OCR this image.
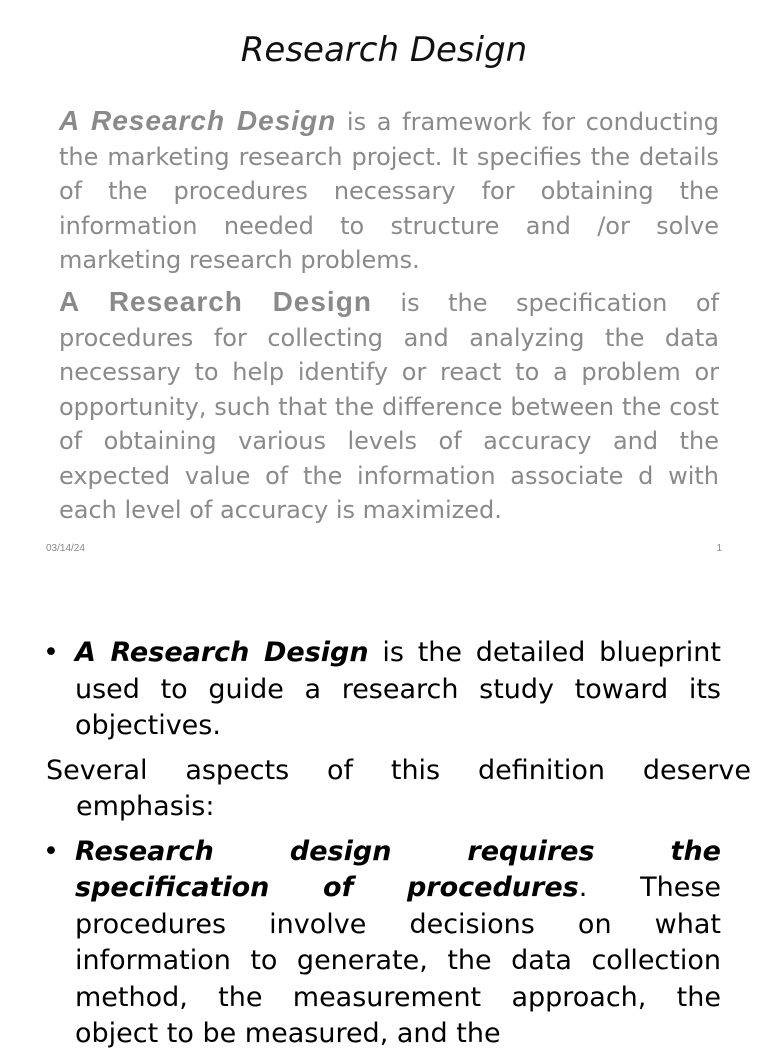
Research Design
A Research Design is a framework for conducting the marketing research project. It specifies the details of the procedures necessary for obtaining the information needed to structure and /or solve marketing research problems.
A Research Design is the specification of procedures for collecting and analyzing the data necessary to help identify or react to a problem or opportunity, such that the difference between the cost of obtaining various levels of accuracy and the expected value of the information associate d with each level of accuracy is maximized.
03/14/24	1
• A Research Design is the detailed blueprint used to guide a research study toward its objectives.
Several aspects of this definition deserve emphasis:
• Research design requires the specification of procedures. These procedures involve decisions on what information to generate, the data collection method, the measurement approach, the object to be measured, and the
